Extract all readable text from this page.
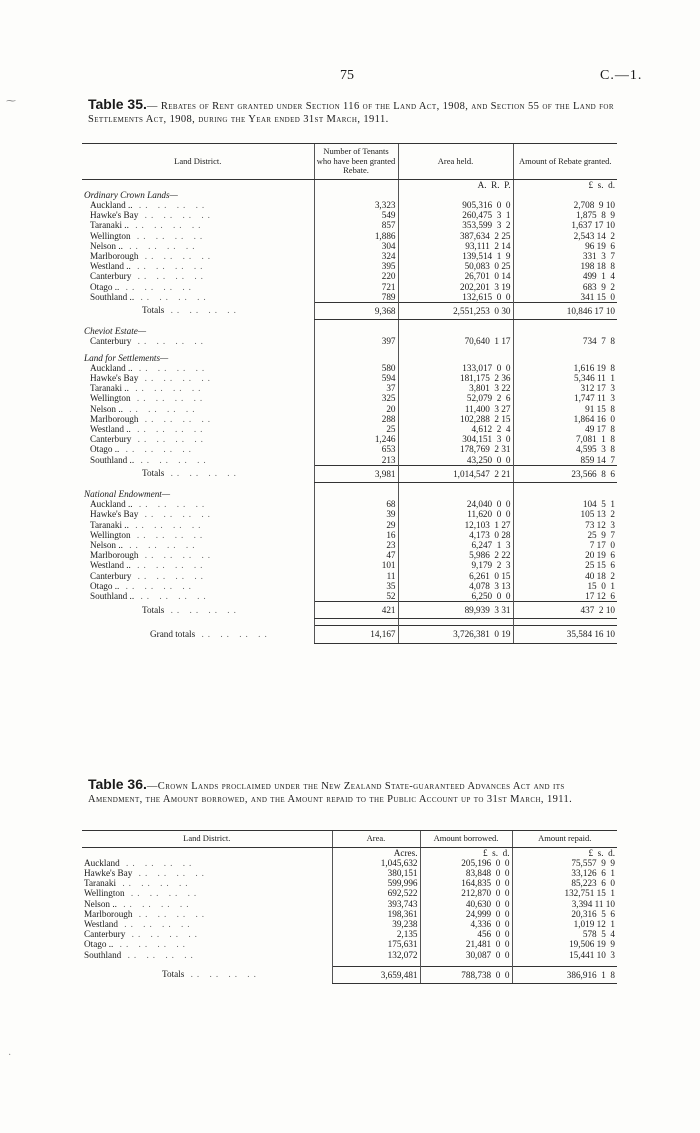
75	C.—1.
⁓
·
Table 35.— Rebates of Rent granted under Section 116 of the Land Act, 1908, and Section 55 of the Land for Settlements Act, 1908, during the Year ended 31st March, 1911.
Land District.	Number of Tenants who have been granted Rebate.	Area held.	Amount of Rebate granted.
		A.  R.  P.	£  s.  d.
Ordinary Crown Lands—			
Auckland .. .. .. .. ..	3,323	905,316  0  0	2,708  9 10
Hawke's Bay .. .. .. ..	549	260,475  3  1	1,875  8  9
Taranaki .. .. .. .. ..	857	353,599  3  2	1,637 17 10
Wellington .. .. .. ..	1,886	387,634  2 25	2,543 14  2
Nelson .. .. .. .. ..	304	93,111  2 14	96 19  6
Marlborough .. .. .. ..	324	139,514  1  9	331  3  7
Westland .. .. .. .. ..	395	50,083  0 25	198 18  8
Canterbury .. .. .. ..	220	26,701  0 14	499  1  4
Otago .. .. .. .. ..	721	202,201  3 19	683  9  2
Southland .. .. .. .. ..	789	132,615  0  0	341 15  0
Totals .. .. .. ..	9,368	2,551,253  0 30	10,846 17 10

Cheviot Estate—			
Canterbury .. .. .. ..	397	70,640  1 17	734  7  8

Land for Settlements—			
Auckland .. .. .. .. ..	580	133,017  0  0	1,616 19  8
Hawke's Bay .. .. .. ..	594	181,175  2 36	5,346 11  1
Taranaki .. .. .. .. ..	37	3,801  3 22	312 17  3
Wellington .. .. .. ..	325	52,079  2  6	1,747 11  3
Nelson .. .. .. .. ..	20	11,400  3 27	91 15  8
Marlborough .. .. .. ..	288	102,288  2 15	1,864 16  0
Westland .. .. .. .. ..	25	4,612  2  4	49 17  8
Canterbury .. .. .. ..	1,246	304,151  3  0	7,081  1  8
Otago .. .. .. .. ..	653	178,769  2 31	4,595  3  8
Southland .. .. .. .. ..	213	43,250  0  0	859 14  7
Totals .. .. .. ..	3,981	1,014,547  2 21	23,566  8  6

National Endowment—			
Auckland .. .. .. .. ..	68	24,040  0  0	104  5  1
Hawke's Bay .. .. .. ..	39	11,620  0  0	105 13  2
Taranaki .. .. .. .. ..	29	12,103  1 27	73 12  3
Wellington .. .. .. ..	16	4,173  0 28	25  9  7
Nelson .. .. .. .. ..	23	6,247  1  3	7 17  0
Marlborough .. .. .. ..	47	5,986  2 22	20 19  6
Westland .. .. .. .. ..	101	9,179  2  3	25 15  6
Canterbury .. .. .. ..	11	6,261  0 15	40 18  2
Otago .. .. .. .. ..	35	4,078  3 13	15  0  1
Southland .. .. .. .. ..	52	6,250  0  0	17 12  6
Totals .. .. .. ..	421	89,939  3 31	437  2 10

Grand totals .. .. .. ..	14,167	3,726,381  0 19	35,584 16 10
Table 36.—Crown Lands proclaimed under the New Zealand State-guaranteed Advances Act and its Amendment, the Amount borrowed, and the Amount repaid to the Public Account up to 31st March, 1911.
Land District.	Area.	Amount borrowed.	Amount repaid.
	Acres.	£  s.  d.	£  s.  d.
Auckland .. .. .. ..	1,045,632	205,196  0  0	75,557  9  9
Hawke's Bay .. .. .. ..	380,151	83,848  0  0	33,126  6  1
Taranaki .. .. .. ..	599,996	164,835  0  0	85,223  6  0
Wellington .. .. .. ..	692,522	212,870  0  0	132,751 15  1
Nelson .. .. .. .. ..	393,743	40,630  0  0	3,394 11 10
Marlborough .. .. .. ..	198,361	24,999  0  0	20,316  5  6
Westland .. .. .. ..	39,238	4,336  0  0	1,019 12  1
Canterbury .. .. .. ..	2,135	456  0  0	578  5  4
Otago .. .. .. .. ..	175,631	21,481  0  0	19,506 19  9
Southland .. .. .. ..	132,072	30,087  0  0	15,441 10  3

Totals .. .. .. ..	3,659,481	788,738  0  0	386,916  1  8
